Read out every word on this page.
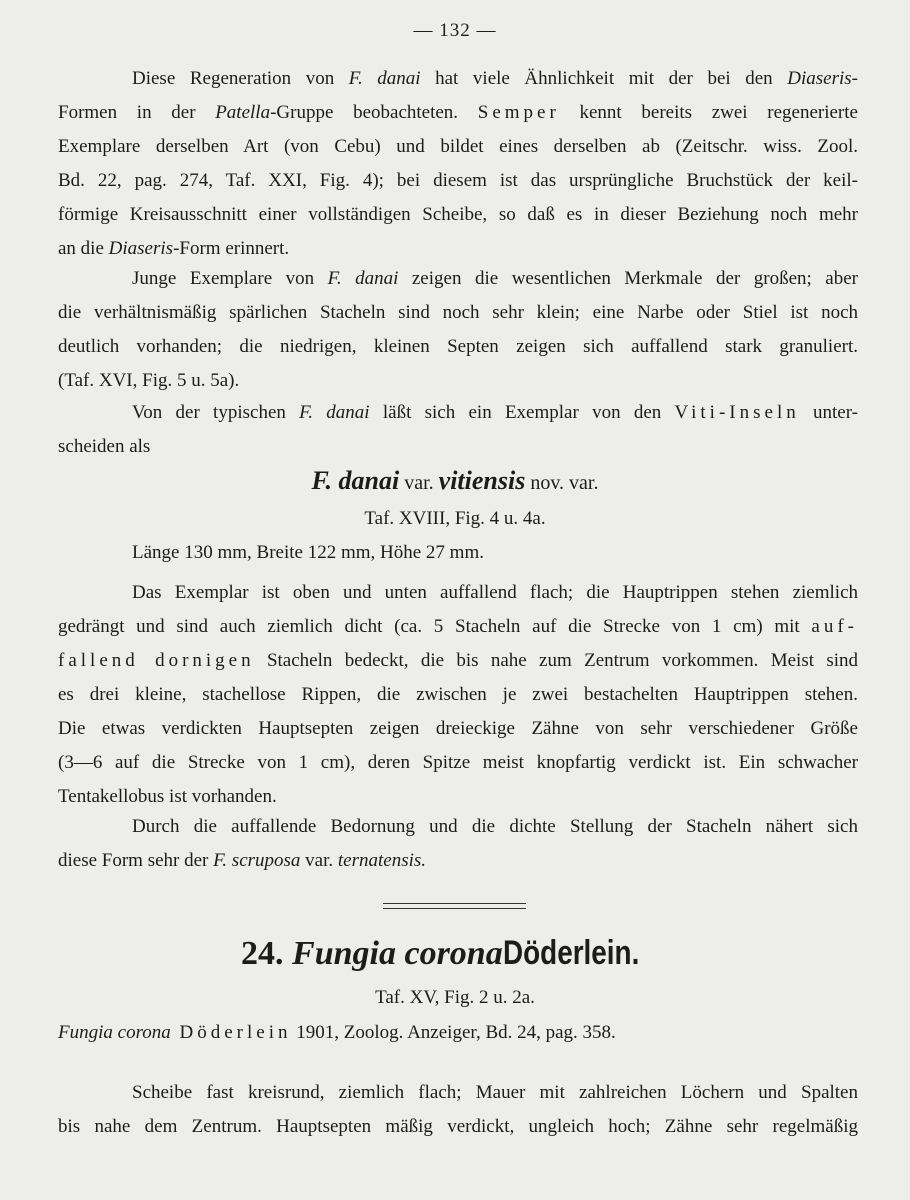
— 132 —
Diese Regeneration von F. danai hat viele Ähnlichkeit mit der bei den Diaseris-
Formen in der Patella-Gruppe beobachteten. Semper kennt bereits zwei regenerierte
Exemplare derselben Art (von Cebu) und bildet eines derselben ab (Zeitschr. wiss. Zool.
Bd. 22, pag. 274, Taf. XXI, Fig. 4); bei diesem ist das ursprüngliche Bruchstück der keil-
förmige Kreisausschnitt einer vollständigen Scheibe, so daß es in dieser Beziehung noch mehr
an die Diaseris-Form erinnert.
Junge Exemplare von F. danai zeigen die wesentlichen Merkmale der großen; aber
die verhältnismäßig spärlichen Stacheln sind noch sehr klein; eine Narbe oder Stiel ist noch
deutlich vorhanden; die niedrigen, kleinen Septen zeigen sich auffallend stark granuliert.
(Taf. XVI, Fig. 5 u. 5a).
Von der typischen F. danai läßt sich ein Exemplar von den Viti-Inseln unter-
scheiden als
F. danai var. vitiensis nov. var.
Taf. XVIII, Fig. 4 u. 4a.
Länge 130 mm, Breite 122 mm, Höhe 27 mm.
Das Exemplar ist oben und unten auffallend flach; die Hauptrippen stehen ziemlich
gedrängt und sind auch ziemlich dicht (ca. 5 Stacheln auf die Strecke von 1 cm) mit auf-
fallend dornigen Stacheln bedeckt, die bis nahe zum Zentrum vorkommen. Meist sind
es drei kleine, stachellose Rippen, die zwischen je zwei bestachelten Hauptrippen stehen.
Die etwas verdickten Hauptsepten zeigen dreieckige Zähne von sehr verschiedener Größe
(3—6 auf die Strecke von 1 cm), deren Spitze meist knopfartig verdickt ist. Ein schwacher
Tentakellobus ist vorhanden.
Durch die auffallende Bedornung und die dichte Stellung der Stacheln nähert sich
diese Form sehr der F. scruposa var. ternatensis.
24. Fungia coronaDöderlein.
Taf. XV, Fig. 2 u. 2a.
Fungia corona Döderlein 1901, Zoolog. Anzeiger, Bd. 24, pag. 358.
Scheibe fast kreisrund, ziemlich flach; Mauer mit zahlreichen Löchern und Spalten
bis nahe dem Zentrum. Hauptsepten mäßig verdickt, ungleich hoch; Zähne sehr regelmäßig
